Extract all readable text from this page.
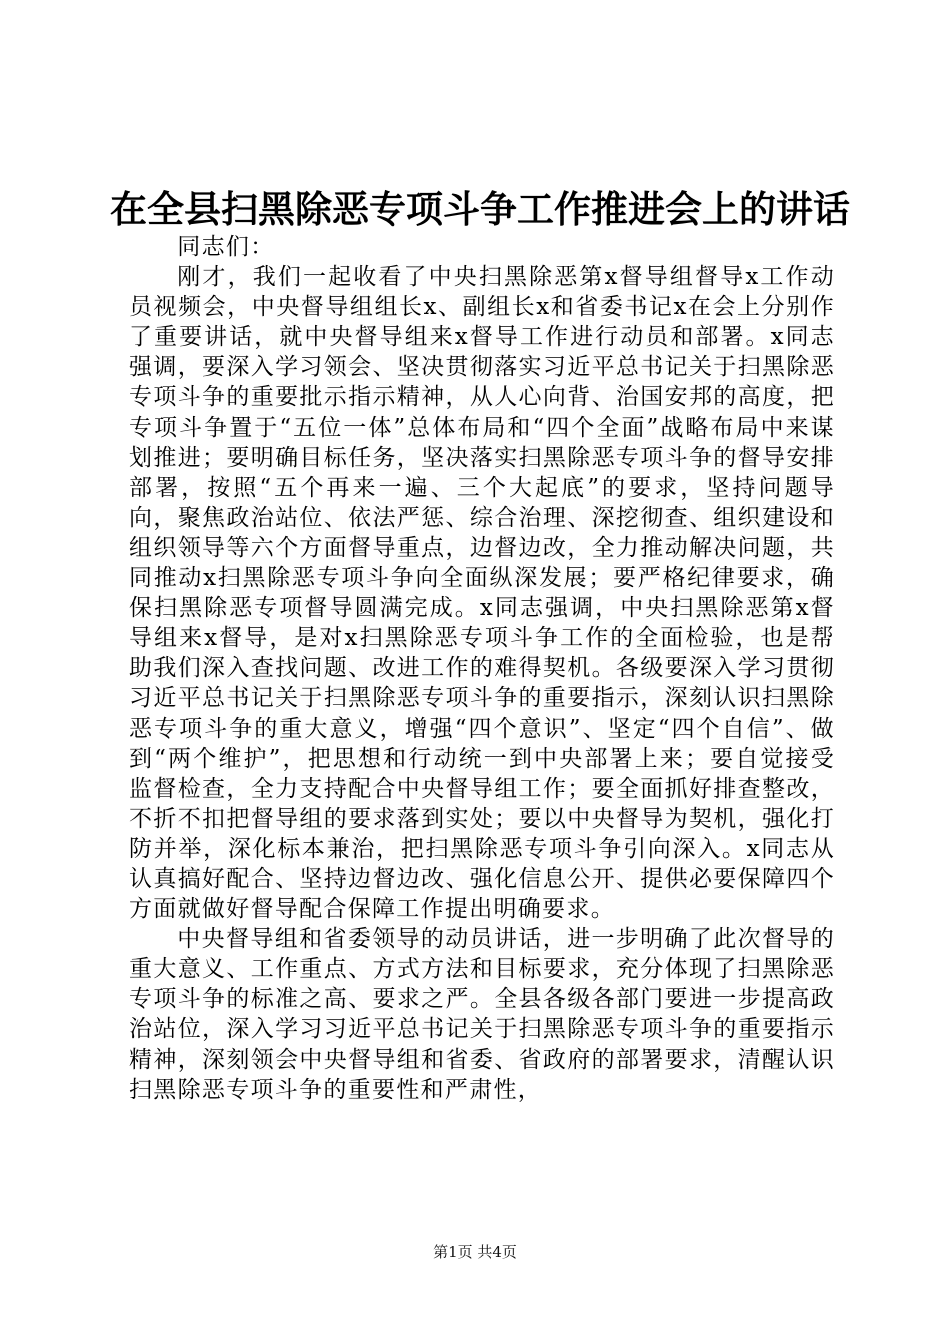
在全县扫黑除恶专项斗争工作推进会上的讲话

同志们：

刚才，我们一起收看了中央扫黑除恶第x督导组督导x工作动员视频会，中央督导组组长x、副组长x和省委书记x在会上分别作了重要讲话，就中央督导组来x督导工作进行动员和部署。x同志强调，要深入学习领会、坚决贯彻落实习近平总书记关于扫黑除恶专项斗争的重要批示指示精神，从人心向背、治国安邦的高度，把专项斗争置于“五位一体”总体布局和“四个全面”战略布局中来谋划推进；要明确目标任务，坚决落实扫黑除恶专项斗争的督导安排部署，按照“五个再来一遍、三个大起底”的要求，坚持问题导向，聚焦政治站位、依法严惩、综合治理、深挖彻查、组织建设和组织领导等六个方面督导重点，边督边改，全力推动解决问题，共同推动x扫黑除恶专项斗争向全面纵深发展；要严格纪律要求，确保扫黑除恶专项督导圆满完成。x同志强调，中央扫黑除恶第x督导组来x督导，是对x扫黑除恶专项斗争工作的全面检验，也是帮助我们深入查找问题、改进工作的难得契机。各级要深入学习贯彻习近平总书记关于扫黑除恶专项斗争的重要指示，深刻认识扫黑除恶专项斗争的重大意义，增强“四个意识”、坚定“四个自信”、做到“两个维护”，把思想和行动统一到中央部署上来；要自觉接受监督检查，全力支持配合中央督导组工作；要全面抓好排查整改，不折不扣把督导组的要求落到实处；要以中央督导为契机，强化打防并举，深化标本兼治，把扫黑除恶专项斗争引向深入。x同志从认真搞好配合、坚持边督边改、强化信息公开、提供必要保障四个方面就做好督导配合保障工作提出明确要求。

中央督导组和省委领导的动员讲话，进一步明确了此次督导的重大意义、工作重点、方式方法和目标要求，充分体现了扫黑除恶专项斗争的标准之高、要求之严。全县各级各部门要进一步提高政治站位，深入学习习近平总书记关于扫黑除恶专项斗争的重要指示精神，深刻领会中央督导组和省委、省政府的部署要求，清醒认识扫黑除恶专项斗争的重要性和严肃性，

第1页 共4页
